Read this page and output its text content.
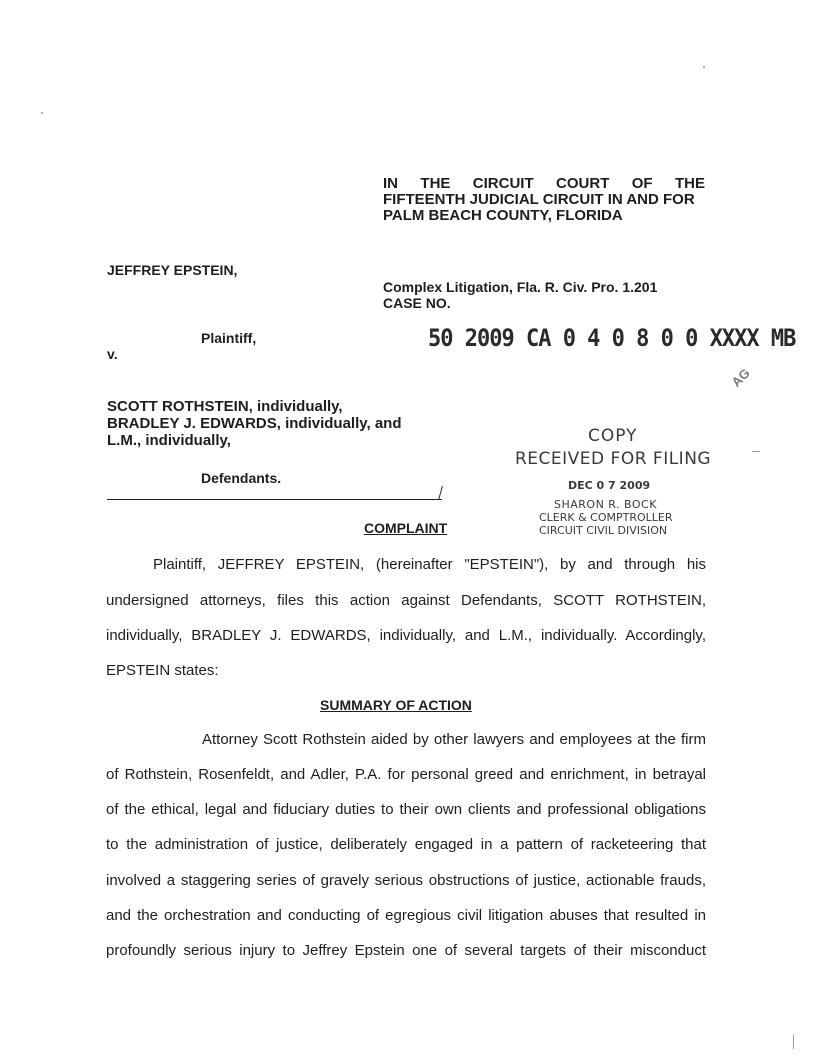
IN THE CIRCUIT COURT OF THE
FIFTEENTH JUDICIAL CIRCUIT IN AND FOR
PALM BEACH COUNTY, FLORIDA
JEFFREY EPSTEIN,
Plaintiff,
v.
SCOTT ROTHSTEIN, individually,
BRADLEY J. EDWARDS, individually, and
L.M., individually,
Defendants.
Complex Litigation, Fla. R. Civ. Pro. 1.201
CASE NO.
50 2009 CA 0 4 0 8 0 0 XXXX MB
AG
COPY
RECEIVED FOR FILING
DEC 0 7 2009
SHARON R. BOCK
CLERK & COMPTROLLER
CIRCUIT CIVIL DIVISION
COMPLAINT
Plaintiff, JEFFREY EPSTEIN, (hereinafter "EPSTEIN"), by and through his
undersigned attorneys, files this action against Defendants, SCOTT ROTHSTEIN,
individually, BRADLEY J. EDWARDS, individually, and L.M., individually. Accordingly,
EPSTEIN states:
SUMMARY OF ACTION
Attorney Scott Rothstein aided by other lawyers and employees at the firm
of Rothstein, Rosenfeldt, and Adler, P.A. for personal greed and enrichment, in betrayal
of the ethical, legal and fiduciary duties to their own clients and professional obligations
to the administration of justice, deliberately engaged in a pattern of racketeering that
involved a staggering series of gravely serious obstructions of justice, actionable frauds,
and the orchestration and conducting of egregious civil litigation abuses that resulted in
profoundly serious injury to Jeffrey Epstein one of several targets of their misconduct
